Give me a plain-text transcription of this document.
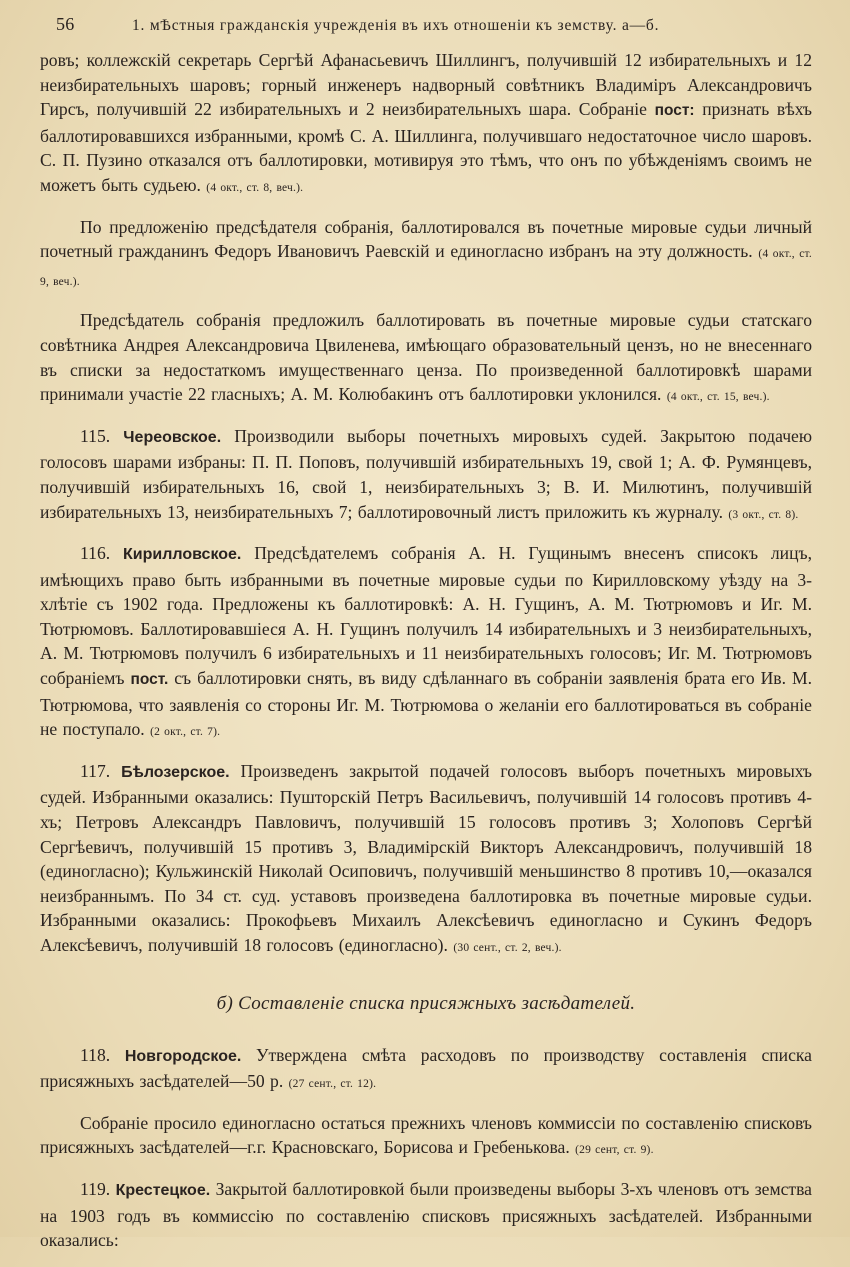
56	1. мѢстныя гражданскія учрежденія въ ихъ отношеніи къ земству. а—б.

ровъ; коллежскій секретарь Сергѣй Афанасьевичъ Шиллингъ, получившій 12 избирательныхъ и 12 неизбирательныхъ шаровъ; горный инженеръ надворный совѣтникъ Владиміръ Александровичъ Гирсъ, получившій 22 избирательныхъ и 2 неизбирательныхъ шара. Собраніе пост: признать вѣхъ баллотировавшихся избранными, кромѣ С. А. Шиллинга, получившаго недостаточное число шаровъ. С. П. Пузино отказался отъ баллотировки, мотивируя это тѣмъ, что онъ по убѣжденіямъ своимъ не можетъ быть судьею. (4 окт., ст. 8, веч.).

По предложенію предсѣдателя собранія, баллотировался въ почетные мировые судьи личный почетный гражданинъ Федоръ Ивановичъ Раевскій и единогласно избранъ на эту должность. (4 окт., ст. 9, веч.).

Предсѣдатель собранія предложилъ баллотировать въ почетные мировые судьи статскаго совѣтника Андрея Александровича Цвиленева, имѣющаго образовательный цензъ, но не внесеннаго въ списки за недостаткомъ имущественнаго ценза. По произведенной баллотировкѣ шарами принимали участіе 22 гласныхъ; А. М. Колюбакинъ отъ баллотировки уклонился. (4 окт., ст. 15, веч.).

115. Череовское. Производили выборы почетныхъ мировыхъ судей. Закрытою подачею голосовъ шарами избраны: П. П. Поповъ, получившій избирательныхъ 19, свой 1; А. Ф. Румянцевъ, получившій избирательныхъ 16, свой 1, неизбирательныхъ 3; В. И. Милютинъ, получившій избирательныхъ 13, неизбирательныхъ 7; баллотировочный листъ приложить къ журналу. (3 окт., ст. 8).

116. Кирилловское. Предсѣдателемъ собранія А. Н. Гущинымъ внесенъ списокъ лицъ, имѣющихъ право быть избранными въ почетные мировые судьи по Кирилловскому уѣзду на 3-хлѣтіе съ 1902 года. Предложены къ баллотировкѣ: А. Н. Гущинъ, А. М. Тютрюмовъ и Иг. М. Тютрюмовъ. Баллотировавшіеся А. Н. Гущинъ получилъ 14 избирательныхъ и 3 неизбирательныхъ, А. М. Тютрюмовъ получилъ 6 избирательныхъ и 11 неизбирательныхъ голосовъ; Иг. М. Тютрюмовъ собраніемъ пост. съ баллотировки снять, въ виду сдѣланнаго въ собраніи заявленія брата его Ив. М. Тютрюмова, что заявленія со стороны Иг. М. Тютрюмова о желаніи его баллотироваться въ собраніе не поступало. (2 окт., ст. 7).

117. Бѣлозерское. Произведенъ закрытой подачей голосовъ выборъ почетныхъ мировыхъ судей. Избранными оказались: Пушторскій Петръ Васильевичъ, получившій 14 голосовъ противъ 4-хъ; Петровъ Александръ Павловичъ, получившій 15 голосовъ противъ 3; Холоповъ Сергѣй Сергѣевичъ, получившій 15 противъ 3, Владимірскій Викторъ Александровичъ, получившій 18 (единогласно); Кульжинскій Николай Осиповичъ, получившій меньшинство 8 противъ 10,—оказался неизбраннымъ. По 34 ст. суд. уставовъ произведена баллотировка въ почетные мировые судьи. Избранными оказались: Прокофьевъ Михаилъ Алексѣевичъ единогласно и Сукинъ Федоръ Алексѣевичъ, получившій 18 голосовъ (единогласно). (30 сент., ст. 2, веч.).

б) Составленіе списка присяжныхъ засѣдателей.

118. Новгородское. Утверждена смѣта расходовъ по производству составленія списка присяжныхъ засѣдателей—50 р. (27 сент., ст. 12).

Собраніе просило единогласно остаться прежнихъ членовъ коммиссіи по составленію списковъ присяжныхъ засѣдателей—г.г. Красновскаго, Борисова и Гребенькова. (29 сент, ст. 9).

119. Крестецкое. Закрытой баллотировкой были произведены выборы 3-хъ членовъ отъ земства на 1903 годъ въ коммиссію по составленію списковъ присяжныхъ засѣдателей. Избранными оказались:
